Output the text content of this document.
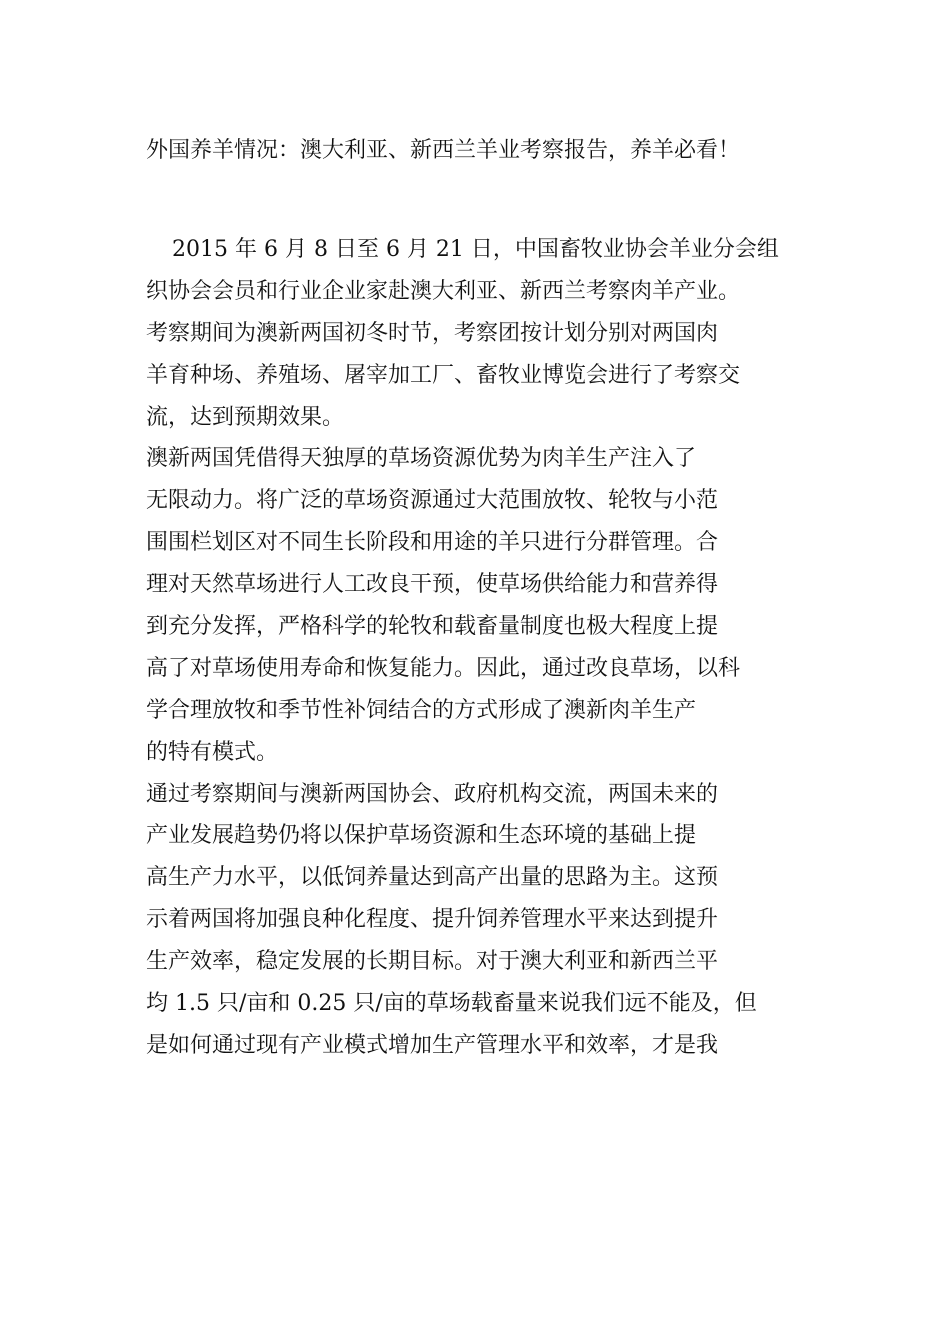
外国养羊情况：澳大利亚、新西兰羊业考察报告，养羊必看！
2015 年 6 月 8 日至 6 月 21 日，中国畜牧业协会羊业分会组
织协会会员和行业企业家赴澳大利亚、新西兰考察肉羊产业。
考察期间为澳新两国初冬时节，考察团按计划分别对两国肉
羊育种场、养殖场、屠宰加工厂、畜牧业博览会进行了考察交
流，达到预期效果。
澳新两国凭借得天独厚的草场资源优势为肉羊生产注入了
无限动力。将广泛的草场资源通过大范围放牧、轮牧与小范
围围栏划区对不同生长阶段和用途的羊只进行分群管理。合
理对天然草场进行人工改良干预，使草场供给能力和营养得
到充分发挥，严格科学的轮牧和载畜量制度也极大程度上提
高了对草场使用寿命和恢复能力。因此，通过改良草场，以科
学合理放牧和季节性补饲结合的方式形成了澳新肉羊生产
的特有模式。
通过考察期间与澳新两国协会、政府机构交流，两国未来的
产业发展趋势仍将以保护草场资源和生态环境的基础上提
高生产力水平，以低饲养量达到高产出量的思路为主。这预
示着两国将加强良种化程度、提升饲养管理水平来达到提升
生产效率，稳定发展的长期目标。对于澳大利亚和新西兰平
均 1.5 只/亩和 0.25 只/亩的草场载畜量来说我们远不能及，但
是如何通过现有产业模式增加生产管理水平和效率，才是我
